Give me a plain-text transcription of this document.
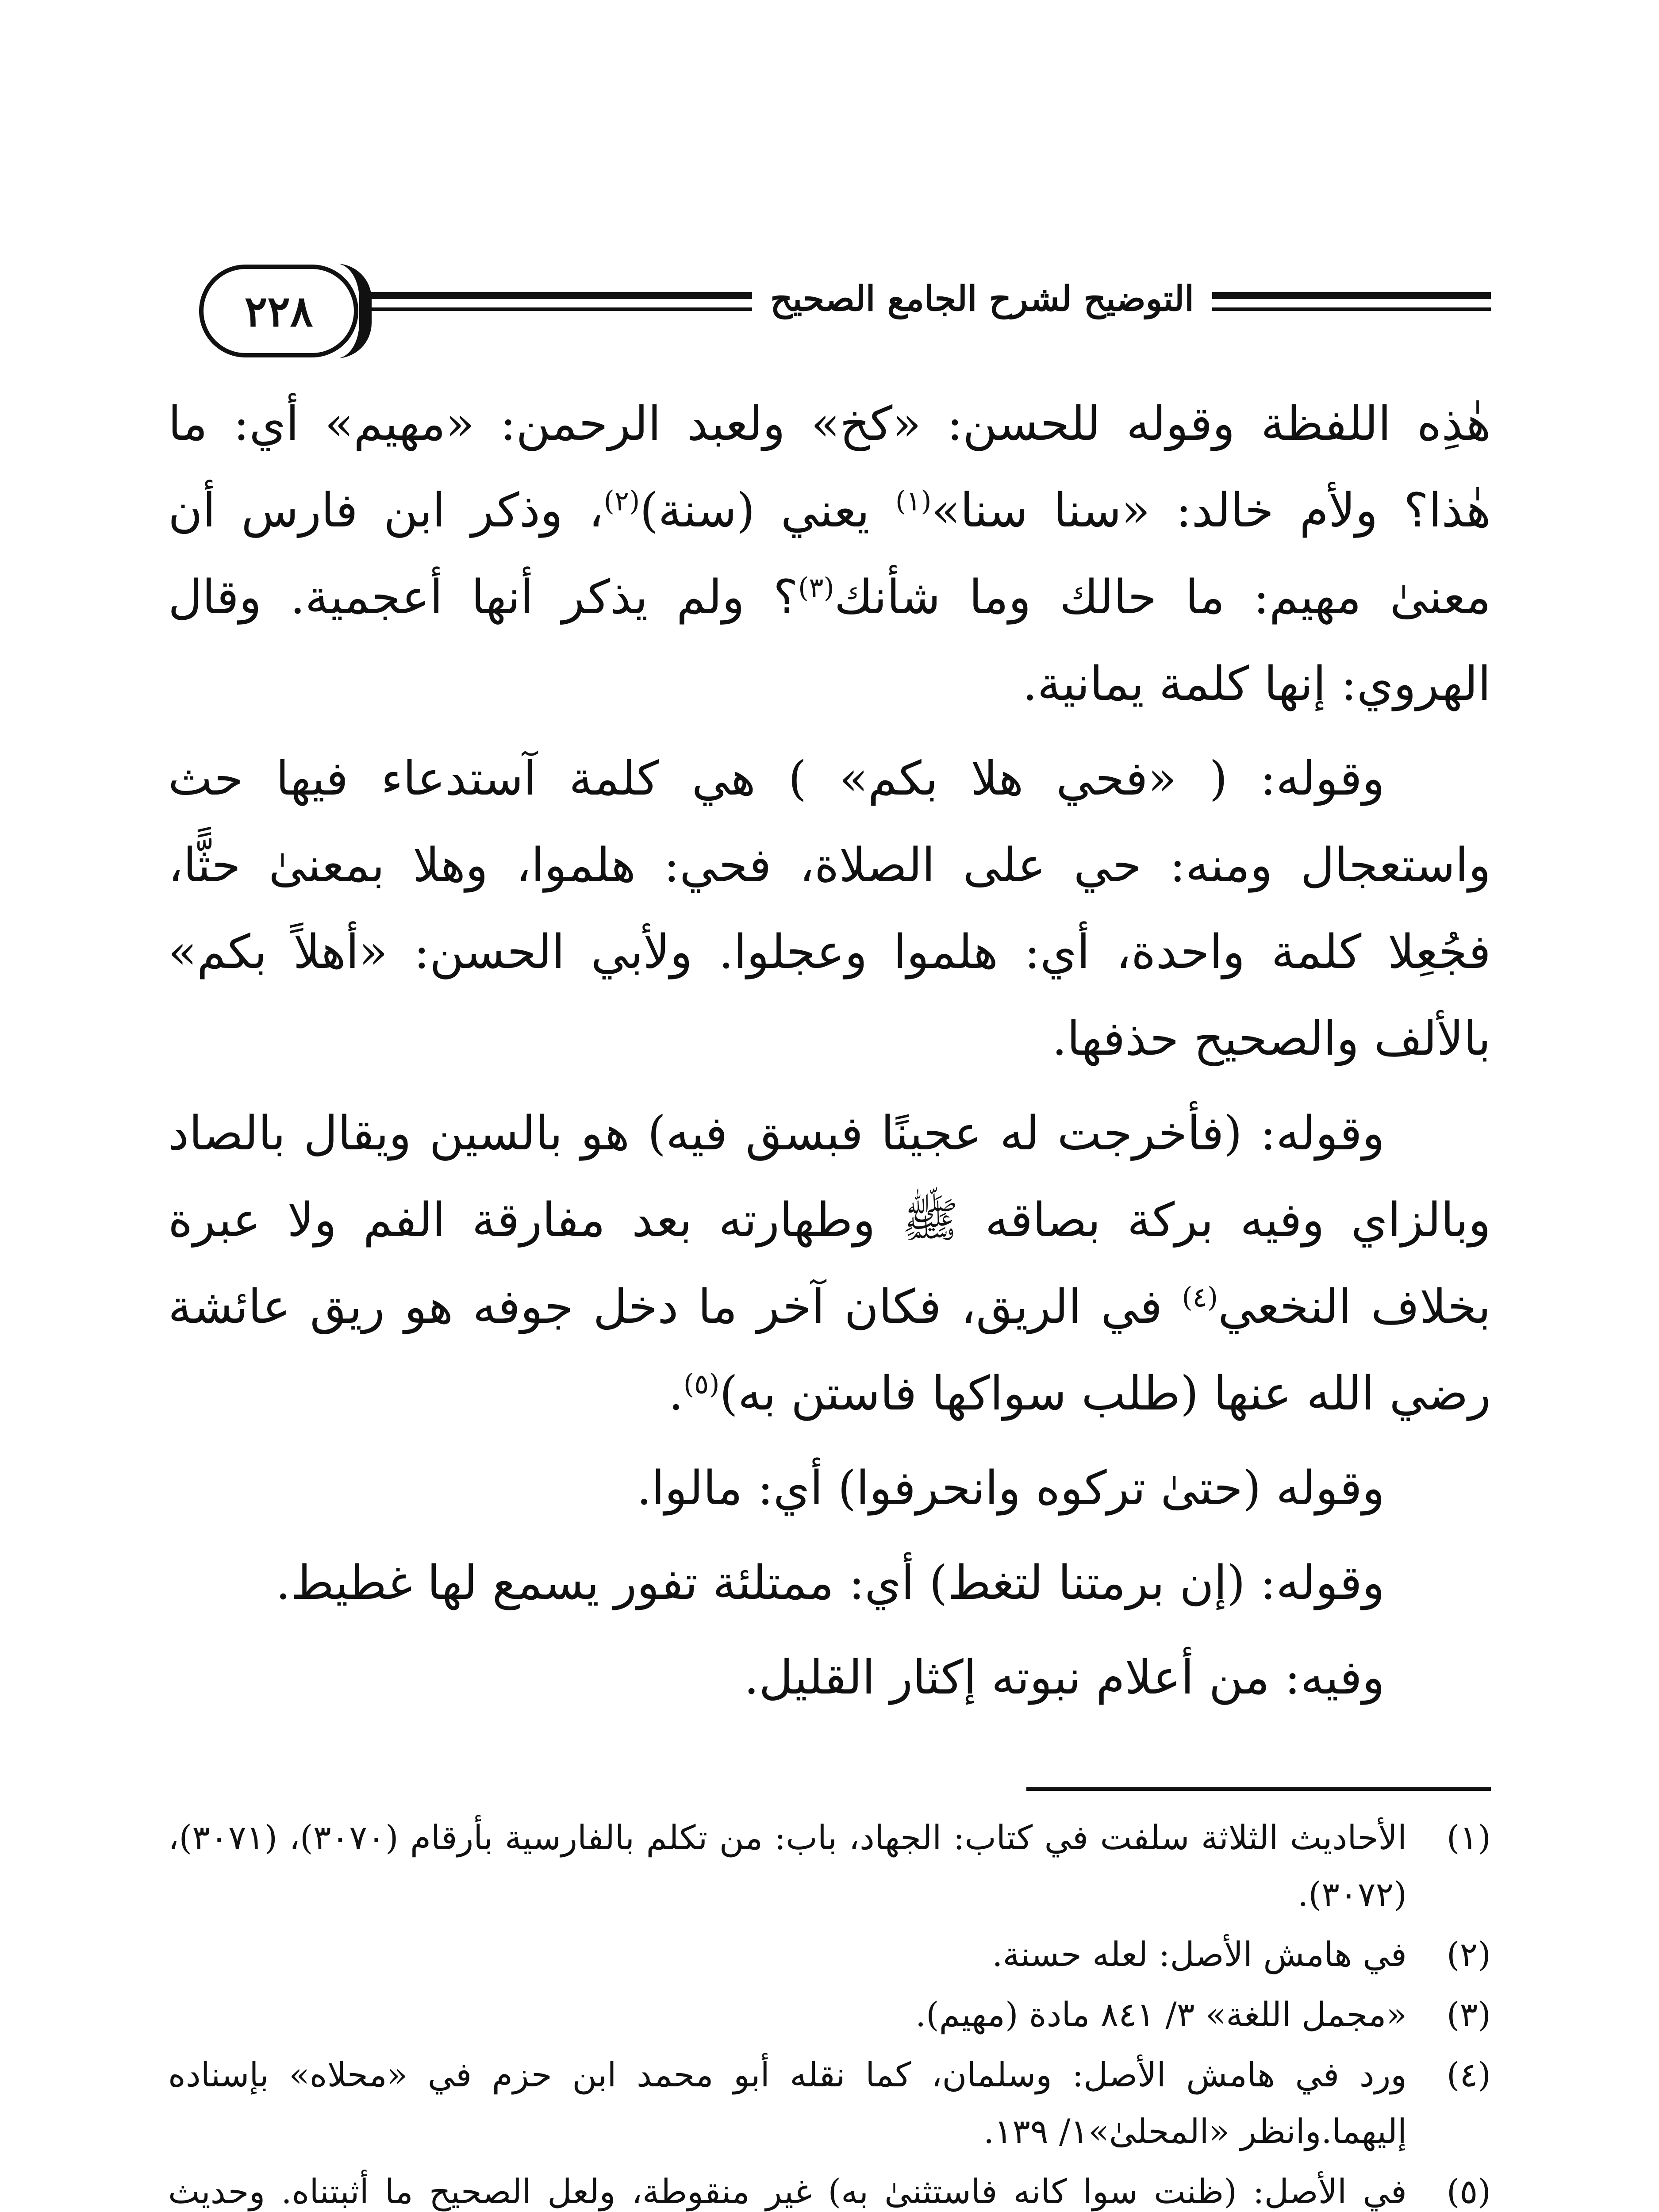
٢٢٨	التوضيح لشرح الجامع الصحيح

هٰذِه اللفظة وقوله للحسن: «كخ» ولعبد الرحمن: «مهيم» أي: ما هٰذا؟ ولأم خالد: «سنا سنا»$^{(١)}$ يعني (سنة)$^{(٢)}$، وذكر ابن فارس أن معنىٰ مهيم: ما حالك وما شأنك$^{(٣)}$؟ ولم يذكر أنها أعجمية. وقال الهروي: إنها كلمة يمانية.

وقوله: ( «فحي هلا بكم» ) هي كلمة آستدعاء فيها حث واستعجال ومنه: حي على الصلاة، فحي: هلموا، وهلا بمعنىٰ حثًّا، فجُعِلا كلمة واحدة، أي: هلموا وعجلوا. ولأبي الحسن: «أهلاً بكم» بالألف والصحيح حذفها.

وقوله: (فأخرجت له عجينًا فبسق فيه) هو بالسين ويقال بالصاد وبالزاي وفيه بركة بصاقه ﷺ وطهارته بعد مفارقة الفم ولا عبرة بخلاف النخعي$^{(٤)}$ في الريق، فكان آخر ما دخل جوفه هو ريق عائشة رضي الله عنها (طلب سواكها فاستن به)$^{(٥)}$.

وقوله (حتىٰ تركوه وانحرفوا) أي: مالوا.

وقوله: (إن برمتنا لتغط) أي: ممتلئة تفور يسمع لها غطيط.

وفيه: من أعلام نبوته إكثار القليل.

(١)
الأحاديث الثلاثة سلفت في كتاب: الجهاد، باب: من تكلم بالفارسية بأرقام (٣٠٧٠)، (٣٠٧١)، (٣٠٧٢).
(٢)
في هامش الأصل: لعله حسنة.
(٣)
«مجمل اللغة» ٣/ ٨٤١ مادة (مهيم).
(٤)
ورد في هامش الأصل: وسلمان، كما نقله أبو محمد ابن حزم في «محلاه» بإسناده إليهما.وانظر «المحلىٰ»١/ ١٣٩.
(٥)
في الأصل: (ظنت سوا كانه فاستثنىٰ به) غير منقوطة، ولعل الصحيح ما أثبتناه. وحديث
